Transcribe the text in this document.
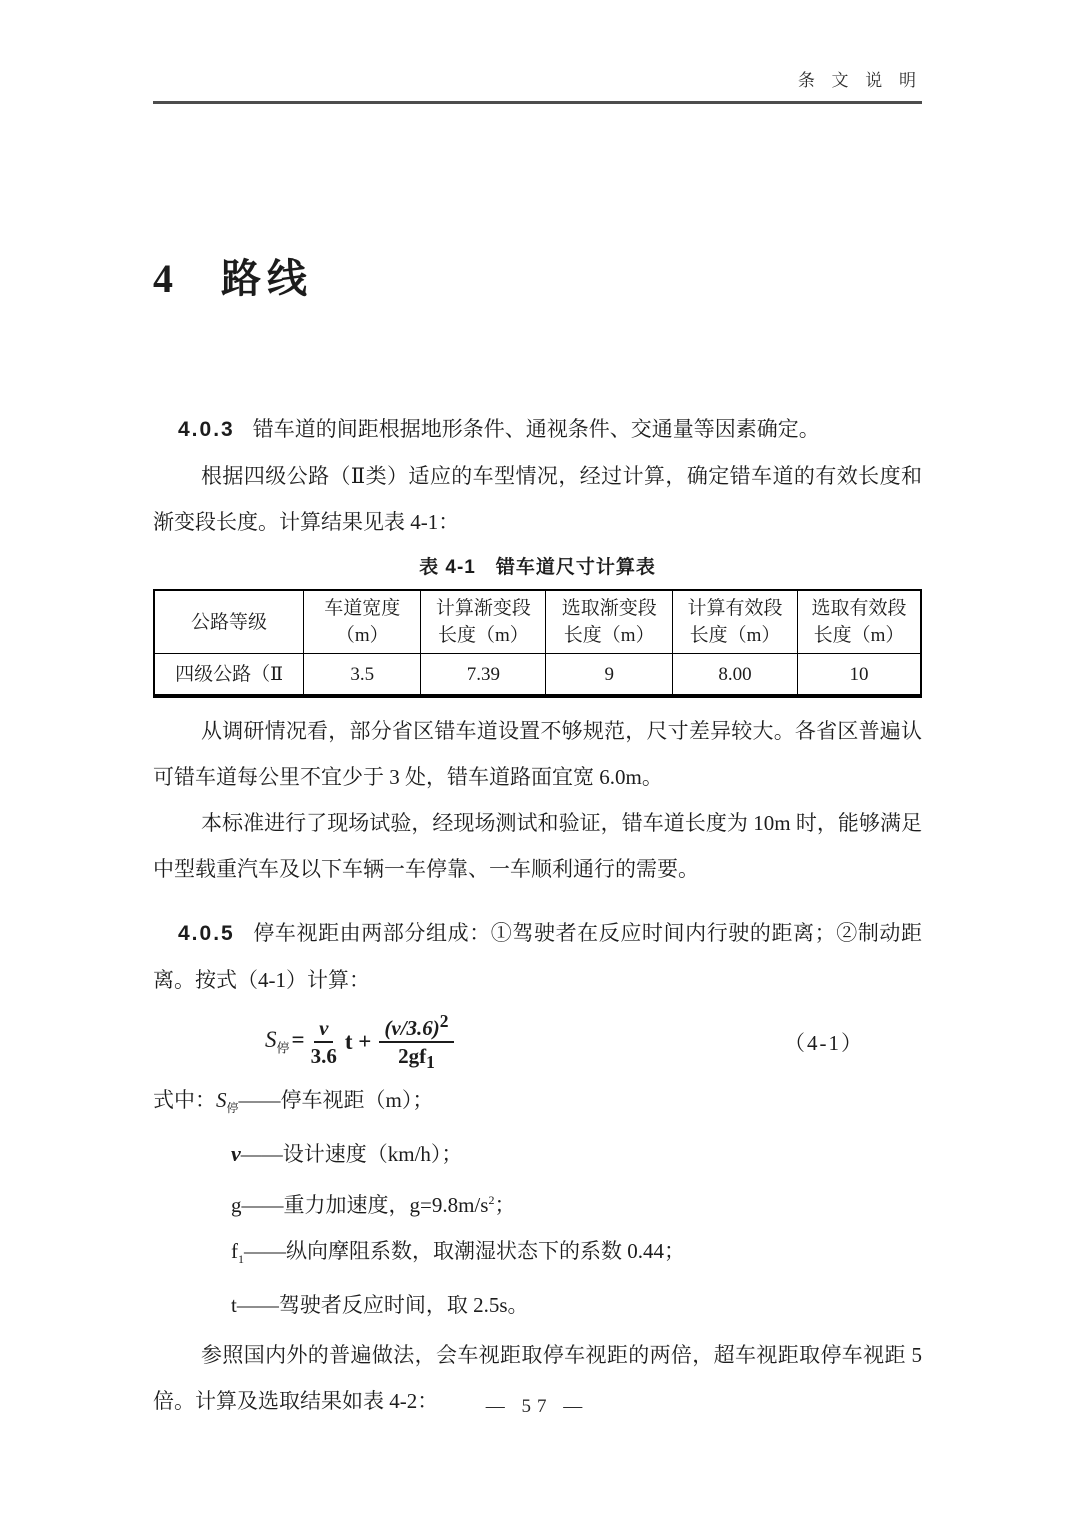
条 文 说 明
4 路线

4.0.3 错车道的间距根据地形条件、通视条件、交通量等因素确定。

根据四级公路（Ⅱ类）适应的车型情况，经过计算，确定错车道的有效长度和渐变段长度。计算结果见表 4-1：

表 4-1　错车道尺寸计算表
公路等级	车道宽度（m）	计算渐变段长度（m）	选取渐变段长度（m）	计算有效段长度（m）	选取有效段长度（m）
四级公路（Ⅱ	3.5	7.39	9	8.00	10

从调研情况看，部分省区错车道设置不够规范，尺寸差异较大。各省区普遍认可错车道每公里不宜少于 3 处，错车道路面宜宽 6.0m。

本标准进行了现场试验，经现场测试和验证，错车道长度为 10m 时，能够满足中型载重汽车及以下车辆一车停靠、一车顺利通行的需要。

4.0.5 停车视距由两部分组成：①驾驶者在反应时间内行驶的距离；②制动距离。按式（4-1）计算：

$S_停= \frac{v}{3.6}$ $t + \frac{(v/3.6)^2}{2gf_1}$	（4-1）
式中：$S_停——$停车视距（m）；
v——设计速度（km/h）；
g——重力加速度，$g=9.8m/s^2$；
$f_1——$纵向摩阻系数，取潮湿状态下的系数 0.44；
t——驾驶者反应时间，取 2.5s。

参照国内外的普遍做法，会车视距取停车视距的两倍，超车视距取停车视距 5 倍。计算及选取结果如表 4-2：	— 57 —
